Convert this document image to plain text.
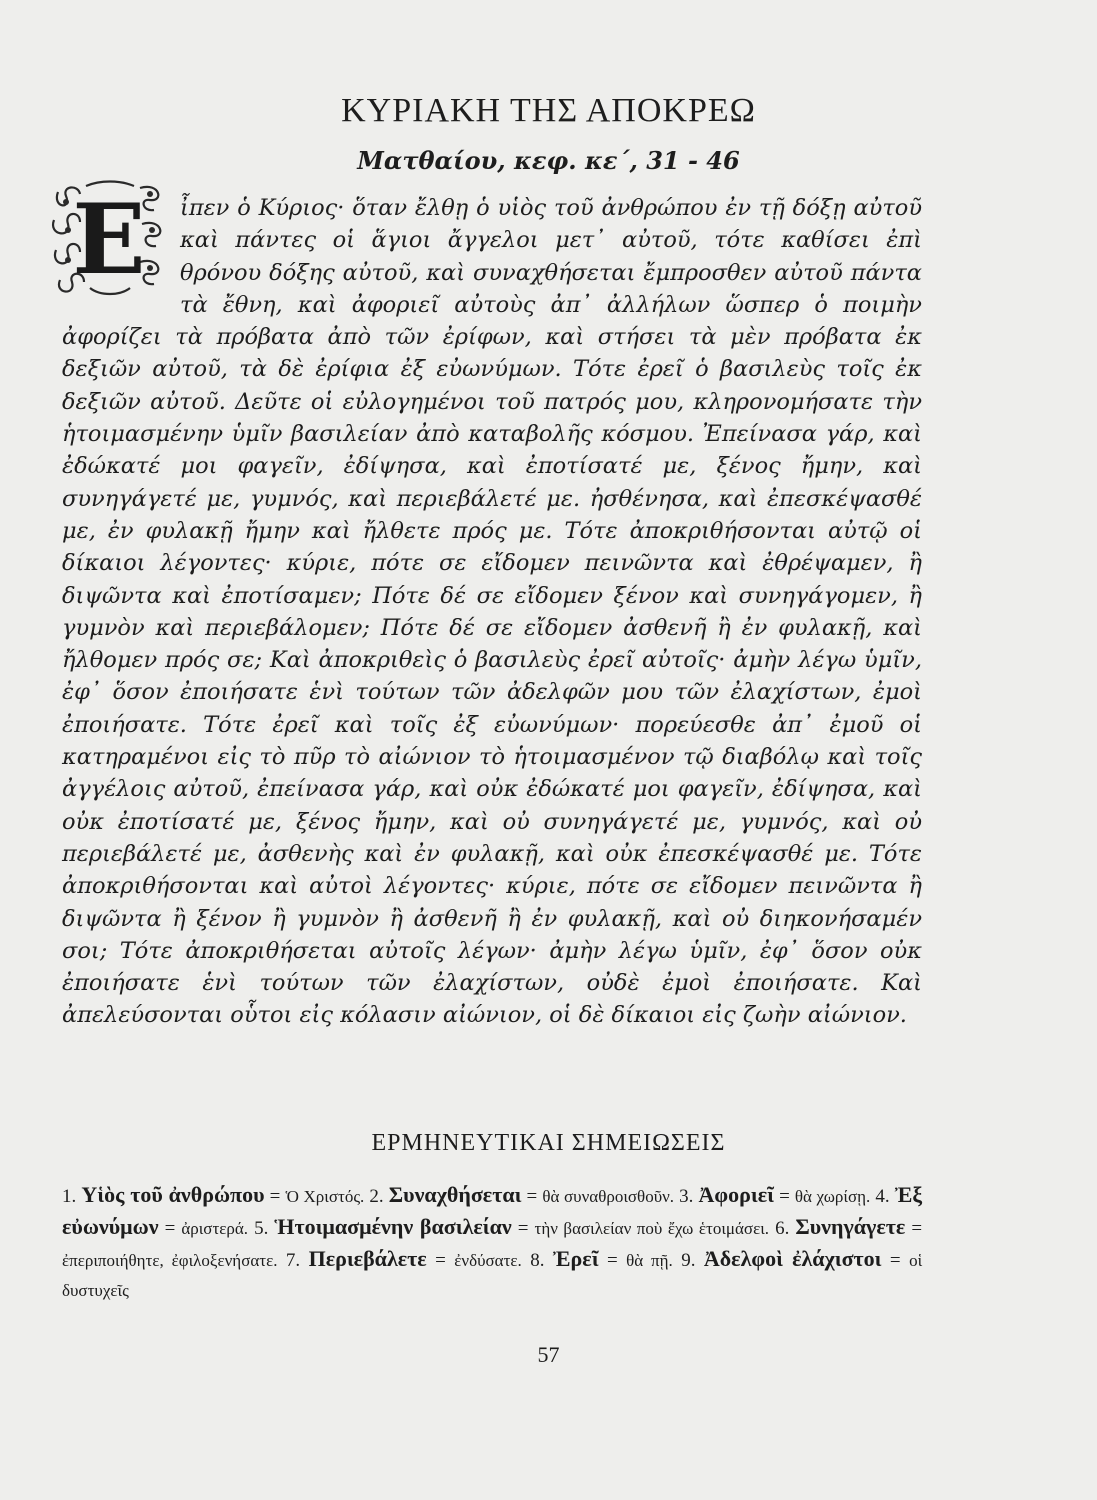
ΚΥΡΙΑΚΗ ΤΗΣ ΑΠΟΚΡΕΩ
Ματθαίου, κεφ. κε΄, 31 - 46
Ε	ἶπεν ὁ Κύριος· ὅταν ἔλθῃ ὁ υἱὸς τοῦ ἀνθρώπου ἐν τῇ δόξῃ αὐτοῦ καὶ πάντες οἱ ἅγιοι ἄγγελοι μετ᾿ αὐτοῦ, τότε καθίσει ἐπὶ θρόνου δόξης αὐτοῦ, καὶ συναχθήσεται ἔμπροσθεν αὐτοῦ πάντα τὰ ἔθνη, καὶ ἀφοριεῖ αὐτοὺς ἀπ᾿ ἀλλήλων ὥσπερ ὁ ποιμὴν ἀφορίζει τὰ πρόβατα ἀπὸ τῶν ἐρίφων, καὶ στήσει τὰ μὲν πρόβατα ἐκ δεξιῶν αὐτοῦ, τὰ δὲ ἐρίφια ἐξ εὐωνύμων. Τότε ἐρεῖ ὁ βασιλεὺς τοῖς ἐκ δεξιῶν αὐτοῦ. Δεῦτε οἱ εὐλογημένοι τοῦ πατρός μου, κληρονομήσατε τὴν ἡτοιμασμένην ὑμῖν βασιλείαν ἀπὸ καταβολῆς κόσμου. Ἐπείνασα γάρ, καὶ ἐδώκατέ μοι φαγεῖν, ἐδίψησα, καὶ ἐποτίσατέ με, ξένος ἤμην, καὶ συνηγάγετέ με, γυμνός, καὶ περιεβάλετέ με. ἠσθένησα, καὶ ἐπεσκέψασθέ με, ἐν φυλακῇ ἤμην καὶ ἤλθετε πρός με. Τότε ἀποκριθήσονται αὐτῷ οἱ δίκαιοι λέγοντες· κύριε, πότε σε εἴδομεν πεινῶντα καὶ ἐθρέψαμεν, ἢ διψῶντα καὶ ἐποτίσαμεν; Πότε δέ σε εἴδομεν ξένον καὶ συνηγάγομεν, ἢ γυμνὸν καὶ περιεβάλομεν; Πότε δέ σε εἴδομεν ἀσθενῆ ἢ ἐν φυλακῇ, καὶ ἤλθομεν πρός σε; Καὶ ἀποκριθεὶς ὁ βασιλεὺς ἐρεῖ αὐτοῖς· ἀμὴν λέγω ὑμῖν, ἐφ᾿ ὅσον ἐποιήσατε ἑνὶ τούτων τῶν ἀδελφῶν μου τῶν ἐλαχίστων, ἐμοὶ ἐποιήσατε. Τότε ἐρεῖ καὶ τοῖς ἐξ εὐωνύμων· πορεύεσθε ἀπ᾿ ἐμοῦ οἱ κατηραμένοι εἰς τὸ πῦρ τὸ αἰώνιον τὸ ἡτοιμασμένον τῷ διαβόλῳ καὶ τοῖς ἀγγέλοις αὐτοῦ, ἐπείνασα γάρ, καὶ οὐκ ἐδώκατέ μοι φαγεῖν, ἐδίψησα, καὶ οὐκ ἐποτίσατέ με, ξένος ἤμην, καὶ οὐ συνηγάγετέ με, γυμνός, καὶ οὐ περιεβάλετέ με, ἀσθενὴς καὶ ἐν φυλακῇ, καὶ οὐκ ἐπεσκέψασθέ με. Τότε ἀποκριθήσονται καὶ αὐτοὶ λέγοντες· κύριε, πότε σε εἴδομεν πεινῶντα ἢ διψῶντα ἢ ξένον ἢ γυμνὸν ἢ ἀσθενῆ ἢ ἐν φυλακῇ, καὶ οὐ διηκονήσαμέν σοι; Τότε ἀποκριθήσεται αὐτοῖς λέγων· ἀμὴν λέγω ὑμῖν, ἐφ᾿ ὅσον οὐκ ἐποιήσατε ἑνὶ τούτων τῶν ἐλαχίστων, οὐδὲ ἐμοὶ ἐποιήσατε. Καὶ ἀπελεύσονται οὗτοι εἰς κόλασιν αἰώνιον, οἱ δὲ δίκαιοι εἰς ζωὴν αἰώνιον.
ΕΡΜΗΝΕΥΤΙΚΑΙ ΣΗΜΕΙΩΣΕΙΣ
1. Υἱὸς τοῦ ἀνθρώπου = Ὁ Χριστός. 2. Συναχθήσεται = θὰ συναθροισθοῦν. 3. Ἀφοριεῖ = θὰ χωρίσῃ. 4. Ἐξ εὐωνύμων = ἀριστερά. 5. Ἡτοιμασμένην βασιλείαν = τὴν βασιλείαν ποὺ ἔχω ἑτοιμάσει. 6. Συνηγάγετε = ἐπεριποιήθητε, ἐφιλοξενήσατε. 7. Περιεβάλετε = ἐνδύσατε. 8. Ἐρεῖ = θὰ πῇ. 9. Ἀδελφοὶ ἐλάχιστοι = οἱ δυστυχεῖς
57
